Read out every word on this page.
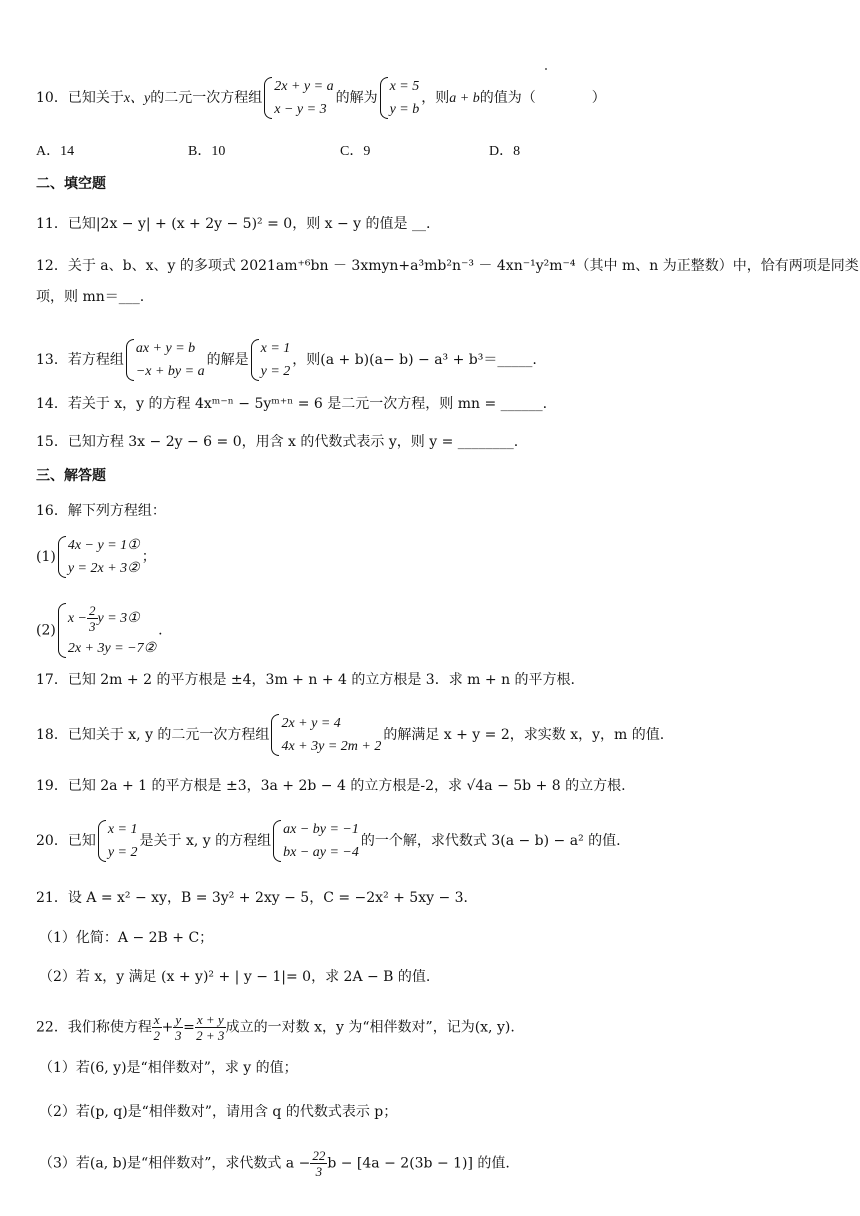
10．已知关于x、y的二元一次方程组
2x + y = a
x − y = 3
的解为
x = 5
y = b
，则a + b的值为（　　　　）
A．14	B．10	C．9	D．8
二、填空题
11．已知|2x − y| + (x + 2y − 5)² = 0，则 x − y 的值是 __.
12．关于 a、b、x、y 的多项式 2021am⁺⁶bn － 3xmyn+a³mb²n⁻³ － 4xn⁻¹y²m⁻⁴（其中 m、n 为正整数）中，恰有两项是同类
项，则 mn＝___.
13．若方程组
ax + y = b
−x + by = a
的解是
x = 1
y = 2
，则(a + b)(a− b) − a³ + b³＝_____.
14．若关于 x，y 的方程 4xᵐ⁻ⁿ − 5yᵐ⁺ⁿ = 6 是二元一次方程，则 mn = ______.
15．已知方程 3x − 2y − 6 = 0，用含 x 的代数式表示 y，则 y = ________.
三、解答题
16．解下列方程组：
(1)
4x − y = 1①
y = 2x + 3②
；
(2)
$x - \frac{2}{3}$ y = 3①
2x + 3y = −7②
.
17．已知 2m + 2 的平方根是 ±4，3m + n + 4 的立方根是 3．求 m + n 的平方根.
18．已知关于 x, y 的二元一次方程组
2x + y = 4
4x + 3y = 2m + 2
的解满足 x + y = 2，求实数 x，y，m 的值.
19．已知 2a + 1 的平方根是 ±3，3a + 2b − 4 的立方根是-2，求 √4a − 5b + 8 的立方根.
20．已知
x = 1
y = 2
是关于 x, y 的方程组
ax − by = −1
bx − ay = −4
的一个解，求代数式 3(a − b) − a² 的值.
21．设 A = x² − xy，B = 3y² + 2xy − 5，C = −2x² + 5xy − 3．
（1）化简：A − 2B + C；
（2）若 x，y 满足 (x + y)² + | y − 1|= 0，求 2A − B 的值.
22．我们称使方程 $\frac{x}{2} + \frac{y}{3} = \frac{x + y}{2 + 3}$ 成立的一对数 x，y 为“相伴数对”，记为(x, y).
（1）若(6, y)是“相伴数对”，求 y 的值；
（2）若(p, q)是“相伴数对”，请用含 q 的代数式表示 p；
（3）若(a, b)是“相伴数对”，求代数式 $a - \frac{22}{3}$ b − [4a − 2(3b − 1)] 的值.
